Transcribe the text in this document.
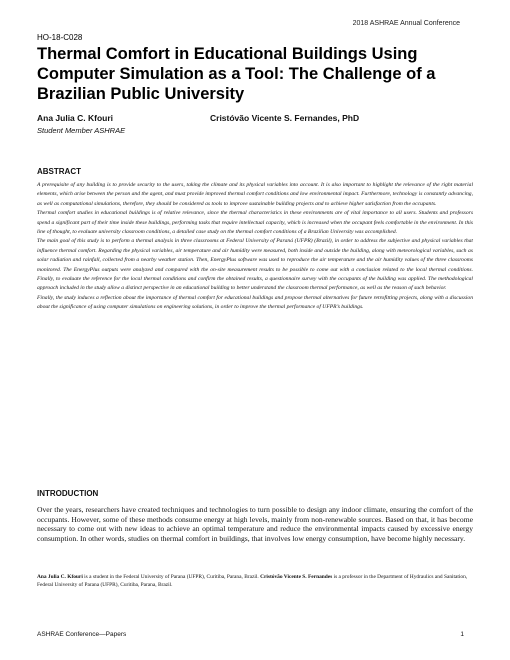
2018 ASHRAE Annual Conference
HO-18-C028
Thermal Comfort in Educational Buildings Using Computer Simulation as a Tool: The Challenge of a Brazilian Public University
Ana Julia C. Kfouri
Student Member ASHRAE
Cristóvão Vicente S. Fernandes, PhD
ABSTRACT

A prerequisite of any building is to provide security to the users, taking the climate and its physical variables into account. It is also important to highlight the relevance of the right material elements, which arise between the person and the agent, and must provide improved thermal comfort conditions and low environmental impact. Furthermore, technology is constantly advancing, as well as computational simulations, therefore, they should be considered as tools to improve sustainable building projects and to achieve higher satisfaction from the occupants.

Thermal comfort studies in educational buildings is of relative relevance, since the thermal characteristics in these environments are of vital importance to all users. Students and professors spend a significant part of their time inside these buildings, performing tasks that require intellectual capacity, which is increased when the occupant feels comfortable in the environment. In this line of thought, to evaluate university classroom conditions, a detailed case study on the thermal comfort conditions of a Brazilian University was accomplished.

The main goal of this study is to perform a thermal analysis in three classrooms at Federal University of Paraná (UFPR) (Brazil), in order to address the subjective and physical variables that influence thermal comfort. Regarding the physical variables, air temperature and air humidity were measured, both inside and outside the building, along with meteorological variables, such as solar radiation and rainfall, collected from a nearby weather station. Then, EnergyPlus software was used to reproduce the air temperature and the air humidity values of the three classrooms monitored. The EnergyPlus outputs were analyzed and compared with the on-site measurement results to be possible to come out with a conclusion related to the local thermal conditions. Finally, to evaluate the reference for the local thermal conditions and confirm the obtained results, a questionnaire survey with the occupants of the building was applied. The methodological approach included in the study allow a distinct perspective in an educational building to better understand the classroom thermal performance, as well as the reason of such behavior.

Finally, the study induces a reflection about the importance of thermal comfort for educational buildings and propose thermal alternatives for future retrofitting projects, along with a discussion about the significance of using computer simulations on engineering solutions, in order to improve the thermal performance of UFPR’s buildings.

INTRODUCTION

Over the years, researchers have created techniques and technologies to turn possible to design any indoor climate, ensuring the comfort of the occupants. However, some of these methods consume energy at high levels, mainly from non-renewable sources. Based on that, it has become necessary to come out with new ideas to achieve an optimal temperature and reduce the environmental impacts caused by excessive energy consumption. In other words, studies on thermal comfort in buildings, that involves low energy consumption, have become highly necessary.

Ana Julia C. Kfouri is a student in the Federal University of Parana (UFPR), Curitiba, Parana, Brazil. Cristóvão Vicente S. Fernandes is a professor in the Department of Hydraulics and Sanitation, Federal University of Parana (UFPR), Curitiba, Parana, Brazil.
ASHRAE Conference—Papers	1
